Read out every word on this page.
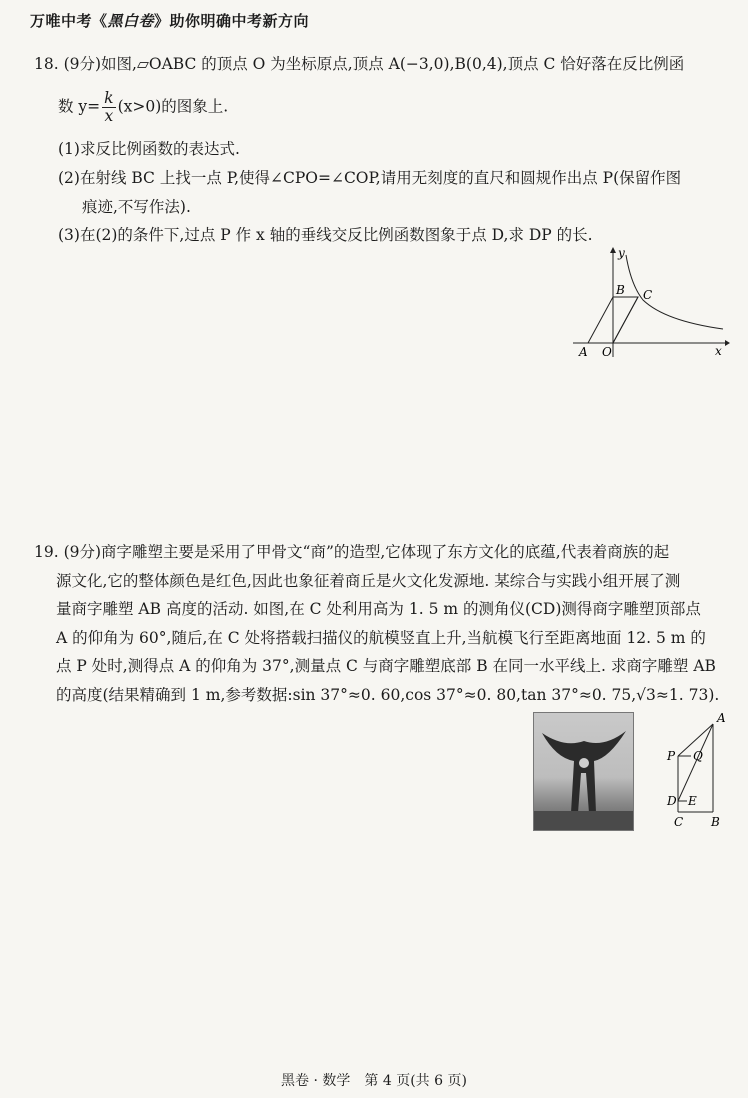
万唯中考《黑白卷》助你明确中考新方向
18. (9分)如图,▱OABC 的顶点 O 为坐标原点,顶点 A(−3,0),B(0,4),顶点 C 恰好落在反比例函
数 $y= \frac{k}{x} (x>0)$的图象上.
(1)求反比例函数的表达式.
(2)在射线 BC 上找一点 P,使得∠CPO=∠COP,请用无刻度的直尺和圆规作出点 P(保留作图
痕迹,不写作法).
(3)在(2)的条件下,过点 P 作 x 轴的垂线交反比例函数图象于点 D,求 DP 的长.
y
x
A O
B C
19. (9分)商字雕塑主要是采用了甲骨文“商”的造型,它体现了东方文化的底蕴,代表着商族的起
源文化,它的整体颜色是红色,因此也象征着商丘是火文化发源地. 某综合与实践小组开展了测
量商字雕塑 AB 高度的活动. 如图,在 C 处利用高为 1. 5 m 的测角仪(CD)测得商字雕塑顶部点
A 的仰角为 60°,随后,在 C 处将搭载扫描仪的航模竖直上升,当航模飞行至距离地面 12. 5 m 的
点 P 处时,测得点 A 的仰角为 37°,测量点 C 与商字雕塑底部 B 在同一水平线上. 求商字雕塑 AB
的高度(结果精确到 1 m,参考数据:sin 37°≈0. 60,cos 37°≈0. 80,tan 37°≈0. 75,√3≈1. 73).
A
P Q
D E
C B
黑卷 · 数学　第 4 页(共 6 页)
